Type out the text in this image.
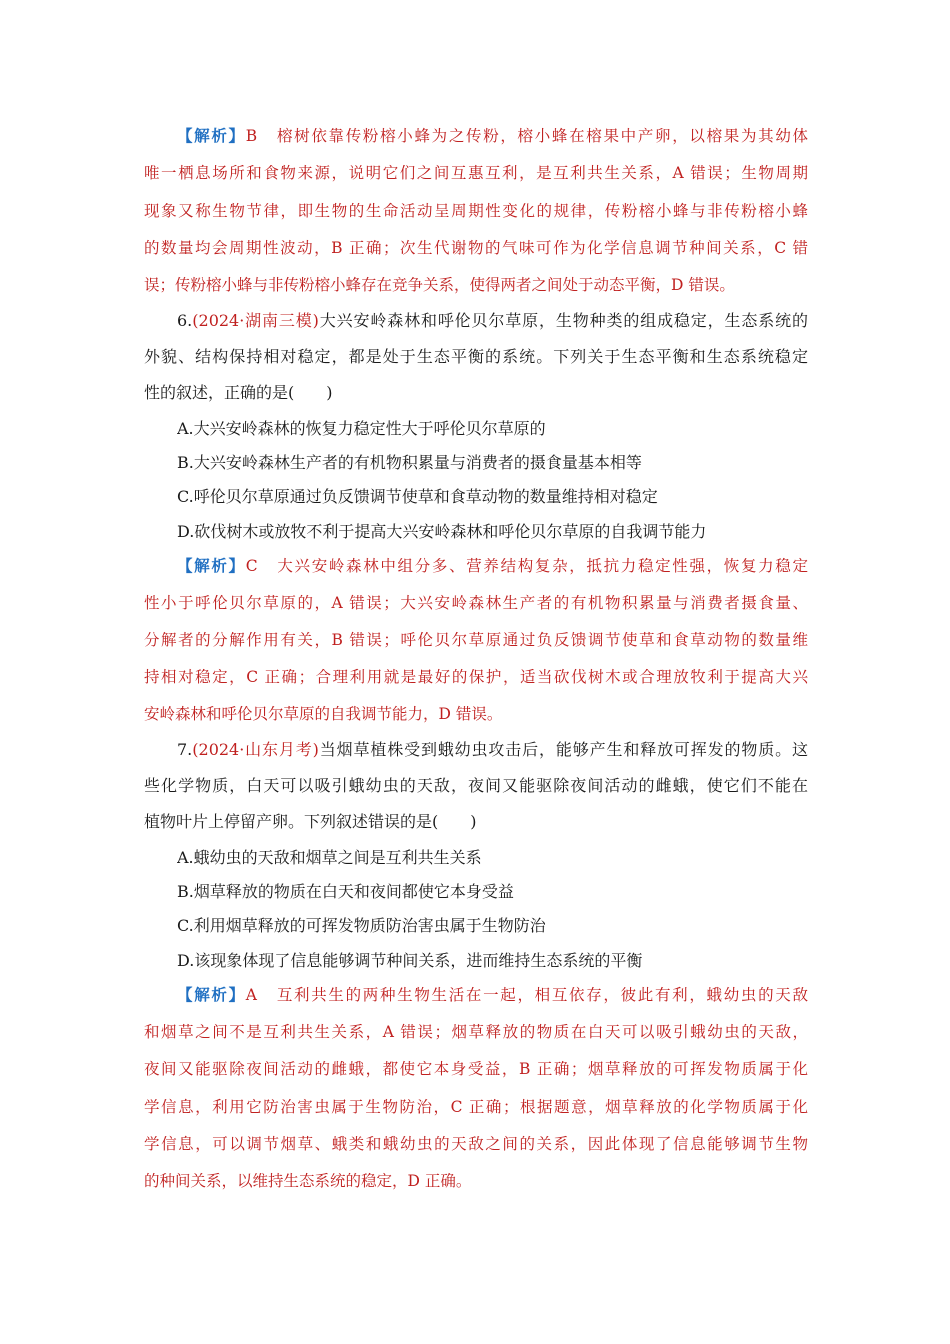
【解析】B 榕树依靠传粉榕小蜂为之传粉，榕小蜂在榕果中产卵，以榕果为其幼体
唯一栖息场所和食物来源，说明它们之间互惠互利，是互利共生关系，A 错误；生物周期
现象又称生物节律，即生物的生命活动呈周期性变化的规律，传粉榕小蜂与非传粉榕小蜂
的数量均会周期性波动，B 正确；次生代谢物的气味可作为化学信息调节种间关系，C 错
误；传粉榕小蜂与非传粉榕小蜂存在竞争关系，使得两者之间处于动态平衡，D 错误。
6.(2024·湖南三模)大兴安岭森林和呼伦贝尔草原，生物种类的组成稳定，生态系统的
外貌、结构保持相对稳定，都是处于生态平衡的系统。下列关于生态平衡和生态系统稳定
性的叙述，正确的是(　　)
A.大兴安岭森林的恢复力稳定性大于呼伦贝尔草原的
B.大兴安岭森林生产者的有机物积累量与消费者的摄食量基本相等
C.呼伦贝尔草原通过负反馈调节使草和食草动物的数量维持相对稳定
D.砍伐树木或放牧不利于提高大兴安岭森林和呼伦贝尔草原的自我调节能力
【解析】C 大兴安岭森林中组分多、营养结构复杂，抵抗力稳定性强，恢复力稳定
性小于呼伦贝尔草原的，A 错误；大兴安岭森林生产者的有机物积累量与消费者摄食量、
分解者的分解作用有关，B 错误；呼伦贝尔草原通过负反馈调节使草和食草动物的数量维
持相对稳定，C 正确；合理利用就是最好的保护，适当砍伐树木或合理放牧利于提高大兴
安岭森林和呼伦贝尔草原的自我调节能力，D 错误。
7.(2024·山东月考)当烟草植株受到蛾幼虫攻击后，能够产生和释放可挥发的物质。这
些化学物质，白天可以吸引蛾幼虫的天敌，夜间又能驱除夜间活动的雌蛾，使它们不能在
植物叶片上停留产卵。下列叙述错误的是(　　)
A.蛾幼虫的天敌和烟草之间是互利共生关系
B.烟草释放的物质在白天和夜间都使它本身受益
C.利用烟草释放的可挥发物质防治害虫属于生物防治
D.该现象体现了信息能够调节种间关系，进而维持生态系统的平衡
【解析】A 互利共生的两种生物生活在一起，相互依存，彼此有利，蛾幼虫的天敌
和烟草之间不是互利共生关系，A 错误；烟草释放的物质在白天可以吸引蛾幼虫的天敌，
夜间又能驱除夜间活动的雌蛾，都使它本身受益，B 正确；烟草释放的可挥发物质属于化
学信息，利用它防治害虫属于生物防治，C 正确；根据题意，烟草释放的化学物质属于化
学信息，可以调节烟草、蛾类和蛾幼虫的天敌之间的关系，因此体现了信息能够调节生物
的种间关系，以维持生态系统的稳定，D 正确。
